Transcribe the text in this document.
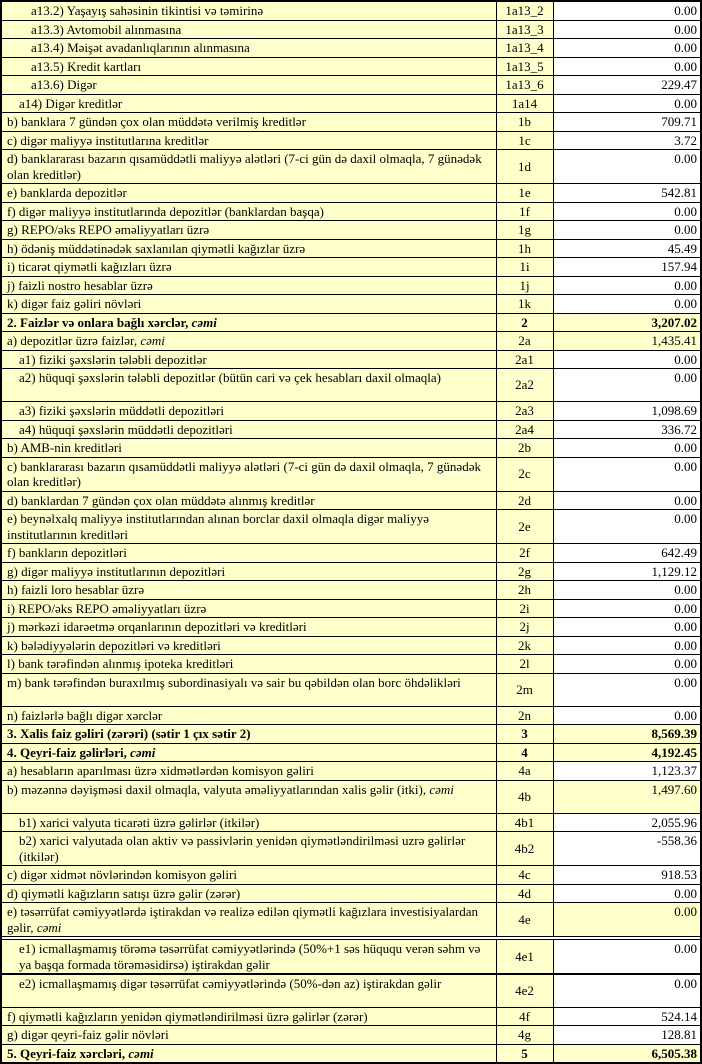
a13.2) Yaşayış sahəsinin tikintisi və təmirinə	1a13_2	0.00
a13.3) Avtomobil alınmasına	1a13_3	0.00
a13.4) Məişət avadanlıqlarının alınmasına	1a13_4	0.00
a13.5) Kredit kartları	1a13_5	0.00
a13.6) Digər	1a13_6	229.47
a14) Digər kreditlər	1a14	0.00
b) banklara 7 gündən çox olan müddətə verilmiş kreditlər	1b	709.71
c) digər maliyyə institutlarına kreditlər	1c	3.72
d) banklararası bazarın qısamüddətli maliyyə alətləri (7-ci gün də daxil olmaqla, 7 günədək olan kreditlər)	1d	0.00
e) banklarda depozitlər	1e	542.81
f) digər maliyyə institutlarında depozitlər (banklardan başqa)	1f	0.00
g) REPO/əks REPO əməliyyatları üzrə	1g	0.00
h) ödəniş müddətinədək saxlanılan qiymətli kağızlar üzrə	1h	45.49
i) ticarət qiymətli kağızları üzrə	1i	157.94
j) faizli nostro hesablar üzrə	1j	0.00
k) digər faiz gəliri növləri	1k	0.00
2. Faizlər və onlara bağlı xərclər, cəmi	2	3,207.02
a) depozitlər üzrə faizlər, cəmi	2a	1,435.41
a1) fiziki şəxslərin tələbli depozitlər	2a1	0.00
a2) hüquqi şəxslərin tələbli depozitlər (bütün cari və çek hesabları daxil olmaqla)	2a2	0.00
a3) fiziki şəxslərin müddətli depozitləri	2a3	1,098.69
a4) hüquqi şəxslərin müddətli depozitləri	2a4	336.72
b) AMB-nin kreditləri	2b	0.00
c) banklararası bazarın qısamüddətli maliyyə alətləri (7-ci gün də daxil olmaqla, 7 günədək olan kreditlər)	2c	0.00
d) banklardan 7 gündən çox olan müddətə alınmış kreditlər	2d	0.00
e) beynəlxalq maliyyə institutlarından alınan borclar daxil olmaqla digər maliyyə institutlarının kreditləri	2e	0.00
f) bankların depozitləri	2f	642.49
g) digər maliyyə institutlarının depozitləri	2g	1,129.12
h) faizli loro hesablar üzrə	2h	0.00
i) REPO/əks REPO əməliyyatları üzrə	2i	0.00
j) mərkəzi idarəetmə orqanlarının depozitləri və kreditləri	2j	0.00
k) bələdiyyələrin depozitləri və kreditləri	2k	0.00
l) bank tərəfindən alınmış ipoteka kreditləri	2l	0.00
m) bank tərəfindən buraxılmış subordinasiyalı və sair bu qəbildən olan borc öhdəlikləri	2m	0.00
n) faizlərlə bağlı digər xərclər	2n	0.00
3. Xalis faiz gəliri (zərəri) (sətir 1 çıx sətir 2)	3	8,569.39
4. Qeyri-faiz gəlirləri, cəmi	4	4,192.45
a) hesabların aparılması üzrə xidmətlərdən komisyon gəliri	4a	1,123.37
b) məzənnə dəyişməsi daxil olmaqla, valyuta əməliyyatlarından xalis gəlir (itki), cəmi	4b	1,497.60
b1) xarici valyuta ticarəti üzrə gəlirlər (itkilər)	4b1	2,055.96
b2) xarici valyutada olan aktiv və passivlərin yenidən qiymətləndirilməsi uzrə gəlirlər (itkilər)	4b2	-558.36
c) digər xidmət növlərindən komisyon gəliri	4c	918.53
d) qiymətli kağızların satışı üzrə gəlir (zərər)	4d	0.00
e) təsərrüfat cəmiyyətlərdə iştirakdan və realizə edilən qiymətli kağızlara investisiyalardan gəlir, cəmi	4e	0.00

e1) icmallaşmamış törəmə təsərrüfat cəmiyyətlərində (50%+1 səs hüququ verən səhm və ya başqa formada törəməsidirsə) iştirakdan gəlir	4e1	0.00
e2) icmallaşmamış digər təsərrüfat cəmiyyətlərində (50%-dən az) iştirakdan gəlir	4e2	0.00
f) qiymətli kağızların yenidən qiymətləndirilməsi üzrə gəlirlər (zərər)	4f	524.14
g) digər qeyri-faiz gəlir növləri	4g	128.81
5. Qeyri-faiz xərcləri, cəmi	5	6,505.38
